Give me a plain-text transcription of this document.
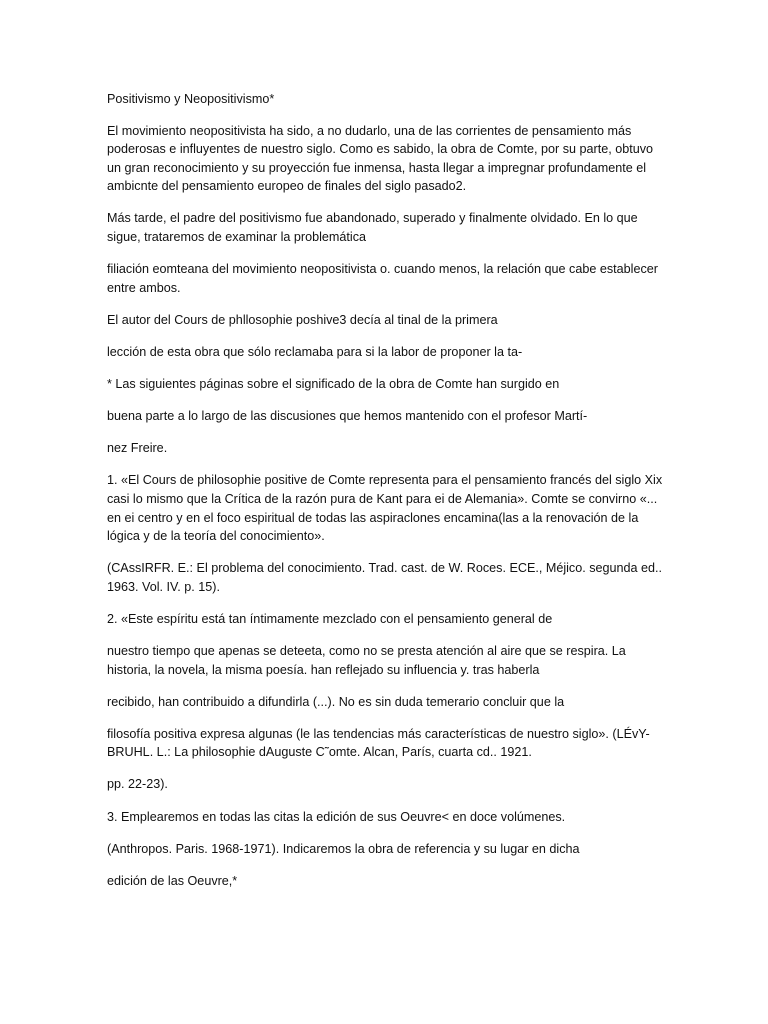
Positivismo y Neopositivismo*

El movimiento neopositivista ha sido, a no dudarlo, una de las corrientes de pensamiento más poderosas e influyentes de nuestro siglo. Como es sabido, la obra de Comte, por su parte, obtuvo un gran reconocimiento y su proyección fue inmensa, hasta llegar a impregnar profundamente el ambicnte del pensamiento europeo de finales del siglo pasado2.

Más tarde, el padre del positivismo fue abandonado, superado y finalmente olvidado. En lo que sigue, trataremos de examinar la problemática

filiación eomteana del movimiento neopositivista o. cuando menos, la relación que cabe establecer entre ambos.

El autor del Cours de phllosophie poshive3 decía al tinal de la primera

lección de esta obra que sólo reclamaba para si la labor de proponer la ta-

* Las siguientes páginas sobre el significado de la obra de Comte han surgido en

buena parte a lo largo de las discusiones que hemos mantenido con el profesor Martí-

nez Freire.

1. «El Cours de philosophie positive de Comte representa para el pensamiento francés del siglo Xix casi lo mismo que la Crítica de la razón pura de Kant para ei de Alemania». Comte se convirno «... en ei centro y en el foco espiritual de todas las aspiraclones encamina(las a la renovación de la lógica y de la teoría del conocimiento».

(CAssIRFR. E.: El problema del conocimiento. Trad. cast. de W. Roces. ECE., Méjico. segunda ed.. 1963. Vol. IV. p. 15).

2. «Este espíritu está tan íntimamente mezclado con el pensamiento general de

nuestro tiempo que apenas se deteeta, como no se presta atención al aire que se respira. La historia, la novela, la misma poesía. han reflejado su influencia y. tras haberla

recibido, han contribuido a difundirla (...). No es sin duda temerario concluir que la

filosofía positiva expresa algunas (le las tendencias más características de nuestro siglo». (LÉvY-BRUHL. L.: La philosophie dAuguste C˜omte. Alcan, París, cuarta cd.. 1921.

pp. 22-23).

3. Emplearemos en todas las citas la edición de sus Oeuvre< en doce volúmenes.

(Anthropos. Paris. 1968-1971). Indicaremos la obra de referencia y su lugar en dicha

edición de las Oeuvre,*
